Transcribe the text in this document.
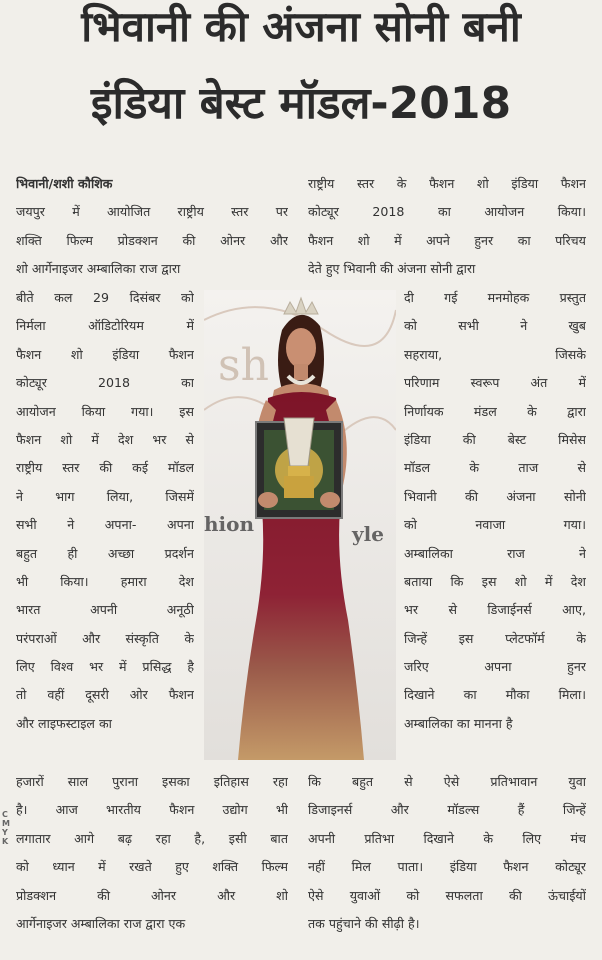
भिवानी की अंजना सोनी बनी
इंडिया बेस्ट मॉडल-2018
भिवानी/शशी कौशिक
जयपुर में आयोजित राष्ट्रीय स्तर पर
शक्ति फिल्म प्रोडक्शन की ओनर और
शो आर्गेनाइजर अम्बालिका राज द्वारा
बीते कल 29 दिसंबर को
निर्मला ऑडिटोरियम में
फैशन शो इंडिया फैशन
कोट्यूर 2018 का
आयोजन किया गया। इस
फैशन शो में देश भर से
राष्ट्रीय स्तर की कई मॉडल
ने भाग लिया, जिसमें
सभी ने अपना- अपना
बहुत ही अच्छा प्रदर्शन
भी किया। हमारा देश
भारत अपनी अनूठी
परंपराओं और संस्कृति के
लिए विश्व भर में प्रसिद्ध है
तो वहीं दूसरी ओर फैशन
और लाइफस्टाइल का
हजारों साल पुराना इसका इतिहास रहा
है। आज भारतीय फैशन उद्योग भी
लगातार आगे बढ़ रहा है, इसी बात
को ध्यान में रखते हुए शक्ति फिल्म
प्रोडक्शन की ओनर और शो
आर्गेनाइजर अम्बालिका राज द्वारा एक
राष्ट्रीय स्तर के फैशन शो इंडिया फैशन
कोट्यूर 2018 का आयोजन किया।
फैशन शो में अपने हुनर का परिचय
देते हुए भिवानी की अंजना सोनी द्वारा
दी गई मनमोहक प्रस्तुत
को सभी ने खुब
सहराया, जिसके
परिणाम स्वरूप अंत में
निर्णायक मंडल के द्वारा
इंडिया की बेस्ट मिसेस
मॉडल के ताज से
भिवानी की अंजना सोनी
को नवाजा गया।
अम्बालिका राज ने
बताया कि इस शो में देश
भर से डिजाईनर्स आए,
जिन्हें इस प्लेटफॉर्म के
जरिए अपना हुनर
दिखाने का मौका मिला।
अम्बालिका का मानना है
कि बहुत से ऐसे प्रतिभावान युवा
डिजाइनर्स और मॉडल्स हैं जिन्हें
अपनी प्रतिभा दिखाने के लिए मंच
नहीं मिल पाता। इंडिया फैशन कोट्यूर
ऐसे युवाओं को सफलता की ऊंचाईयों
तक पहुंचाने की सीढ़ी है।
sh
hion	yle
C
M
Y
K
